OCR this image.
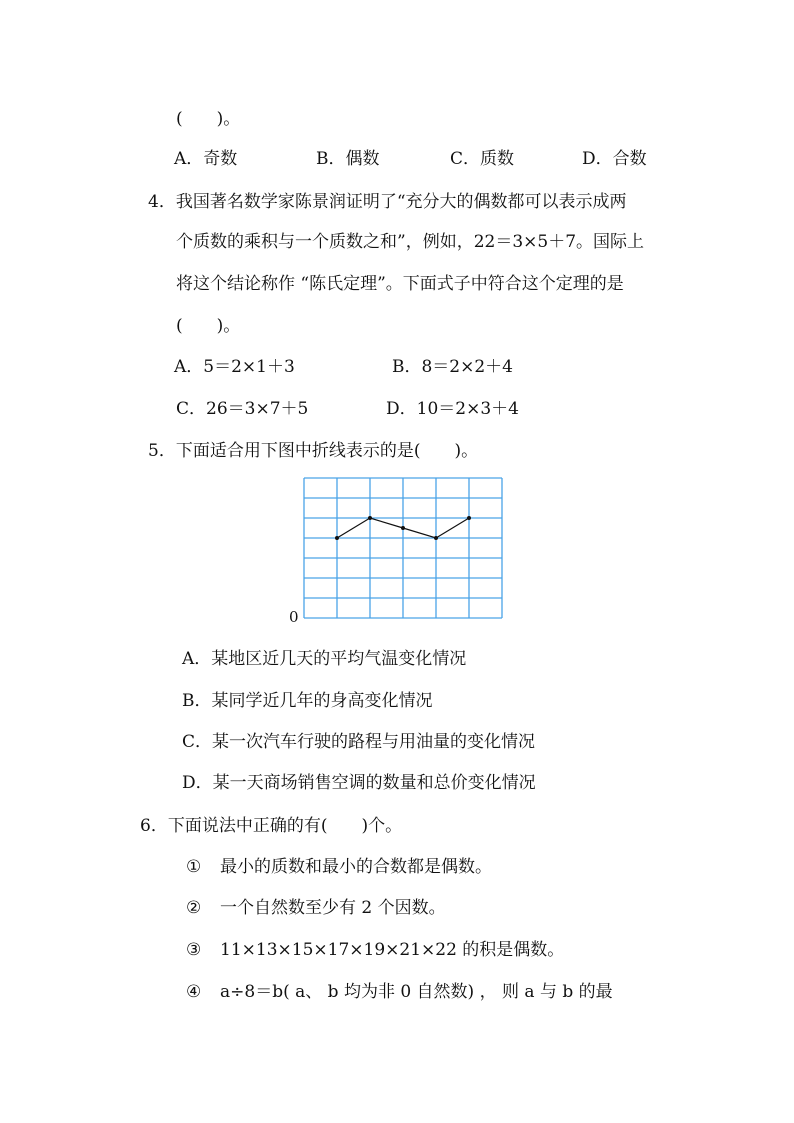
(　　)。
A．奇数	B．偶数	C．质数	D．合数
4．我国著名数学家陈景润证明了“充分大的偶数都可以表示成两
个质数的乘积与一个质数之和”，例如，22＝3×5＋7。国际上
将这个结论称作 “陈氏定理”。下面式子中符合这个定理的是
(　　)。
A．5＝2×1＋3	B．8＝2×2＋4
C．26＝3×7＋5	D．10＝2×3＋4
5．下面适合用下图中折线表示的是(　　)。
0
A．某地区近几天的平均气温变化情况
B．某同学近几年的身高变化情况
C．某一次汽车行驶的路程与用油量的变化情况
D．某一天商场销售空调的数量和总价变化情况
6．下面说法中正确的有(　　)个。
① 最小的质数和最小的合数都是偶数。
② 一个自然数至少有 2 个因数。
③ 11×13×15×17×19×21×22 的积是偶数。
④ a÷8＝b( a、 b 均为非 0 自然数) ， 则 a 与 b 的最
